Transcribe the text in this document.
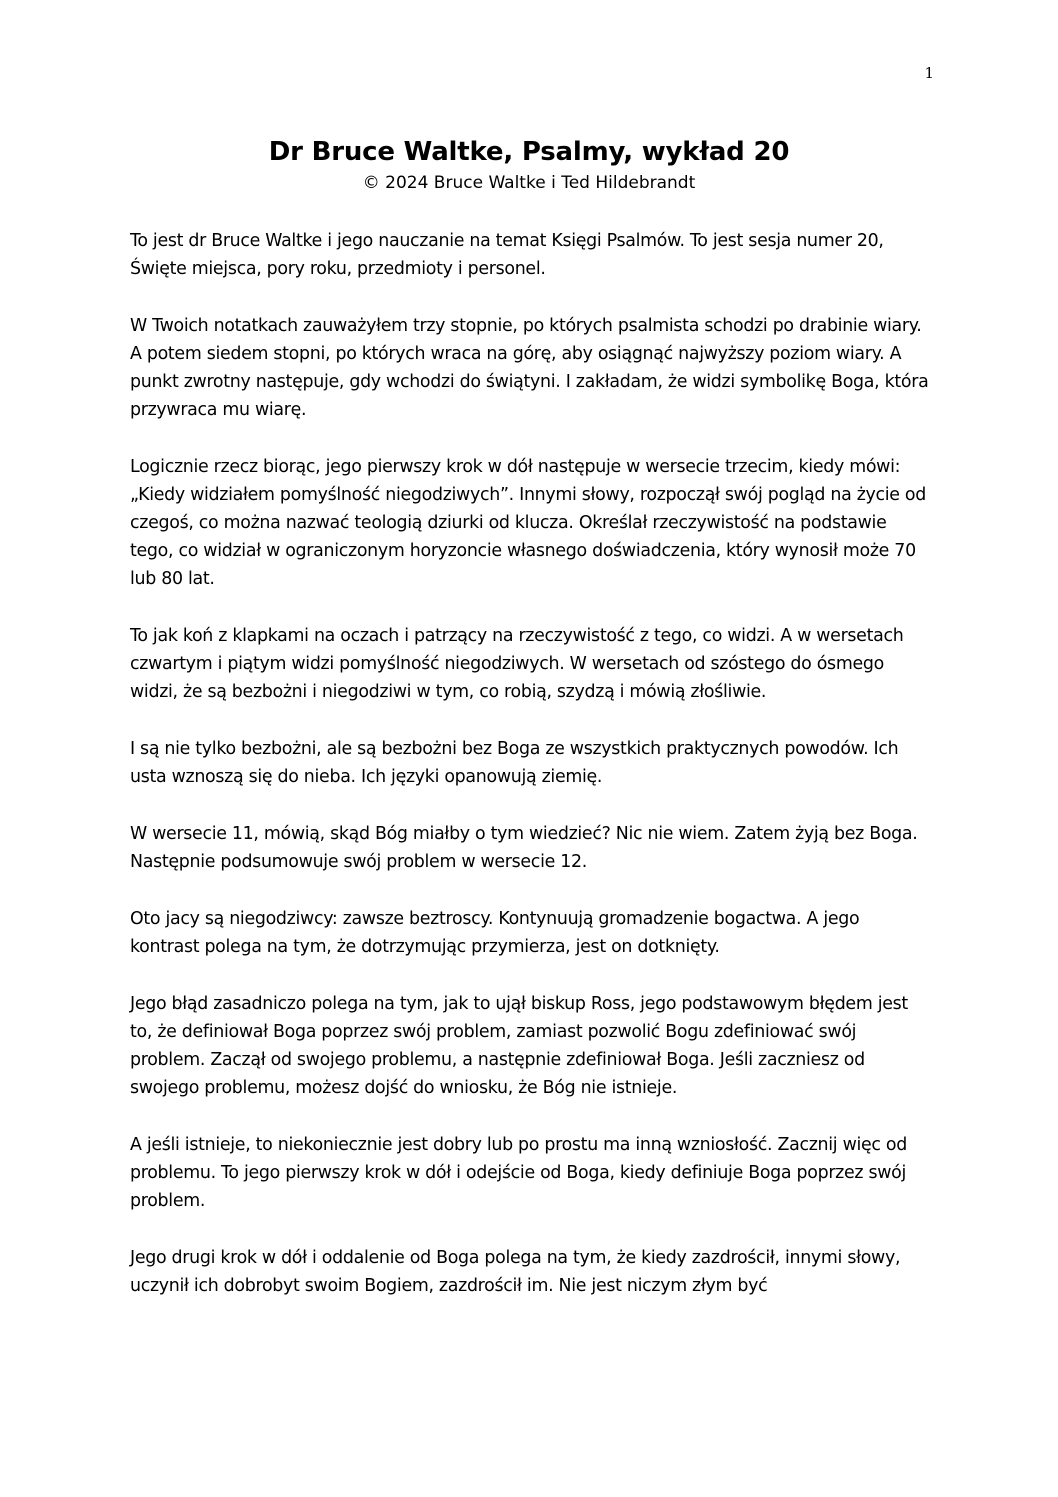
1
Dr Bruce Waltke, Psalmy, wykład 20
© 2024 Bruce Waltke i Ted Hildebrandt

To jest dr Bruce Waltke i jego nauczanie na temat Księgi Psalmów. To jest sesja numer 20, Święte miejsca, pory roku, przedmioty i personel.

W Twoich notatkach zauważyłem trzy stopnie, po których psalmista schodzi po drabinie wiary. A potem siedem stopni, po których wraca na górę, aby osiągnąć najwyższy poziom wiary. A punkt zwrotny następuje, gdy wchodzi do świątyni. I zakładam, że widzi symbolikę Boga, która przywraca mu wiarę.

Logicznie rzecz biorąc, jego pierwszy krok w dół następuje w wersecie trzecim, kiedy mówi: „Kiedy widziałem pomyślność niegodziwych”. Innymi słowy, rozpoczął swój pogląd na życie od czegoś, co można nazwać teologią dziurki od klucza. Określał rzeczywistość na podstawie tego, co widział w ograniczonym horyzoncie własnego doświadczenia, który wynosił może 70 lub 80 lat.

To jak koń z klapkami na oczach i patrzący na rzeczywistość z tego, co widzi. A w wersetach czwartym i piątym widzi pomyślność niegodziwych. W wersetach od szóstego do ósmego widzi, że są bezbożni i niegodziwi w tym, co robią, szydzą i mówią złośliwie.

I są nie tylko bezbożni, ale są bezbożni bez Boga ze wszystkich praktycznych powodów. Ich usta wznoszą się do nieba. Ich języki opanowują ziemię.

W wersecie 11, mówią, skąd Bóg miałby o tym wiedzieć? Nic nie wiem. Zatem żyją bez Boga. Następnie podsumowuje swój problem w wersecie 12.

Oto jacy są niegodziwcy: zawsze beztroscy. Kontynuują gromadzenie bogactwa. A jego kontrast polega na tym, że dotrzymując przymierza, jest on dotknięty.

Jego błąd zasadniczo polega na tym, jak to ujął biskup Ross, jego podstawowym błędem jest to, że definiował Boga poprzez swój problem, zamiast pozwolić Bogu zdefiniować swój problem. Zaczął od swojego problemu, a następnie zdefiniował Boga. Jeśli zaczniesz od swojego problemu, możesz dojść do wniosku, że Bóg nie istnieje.

A jeśli istnieje, to niekoniecznie jest dobry lub po prostu ma inną wzniosłość. Zacznij więc od problemu. To jego pierwszy krok w dół i odejście od Boga, kiedy definiuje Boga poprzez swój problem.

Jego drugi krok w dół i oddalenie od Boga polega na tym, że kiedy zazdrościł, innymi słowy, uczynił ich dobrobyt swoim Bogiem, zazdrościł im. Nie jest niczym złym być
